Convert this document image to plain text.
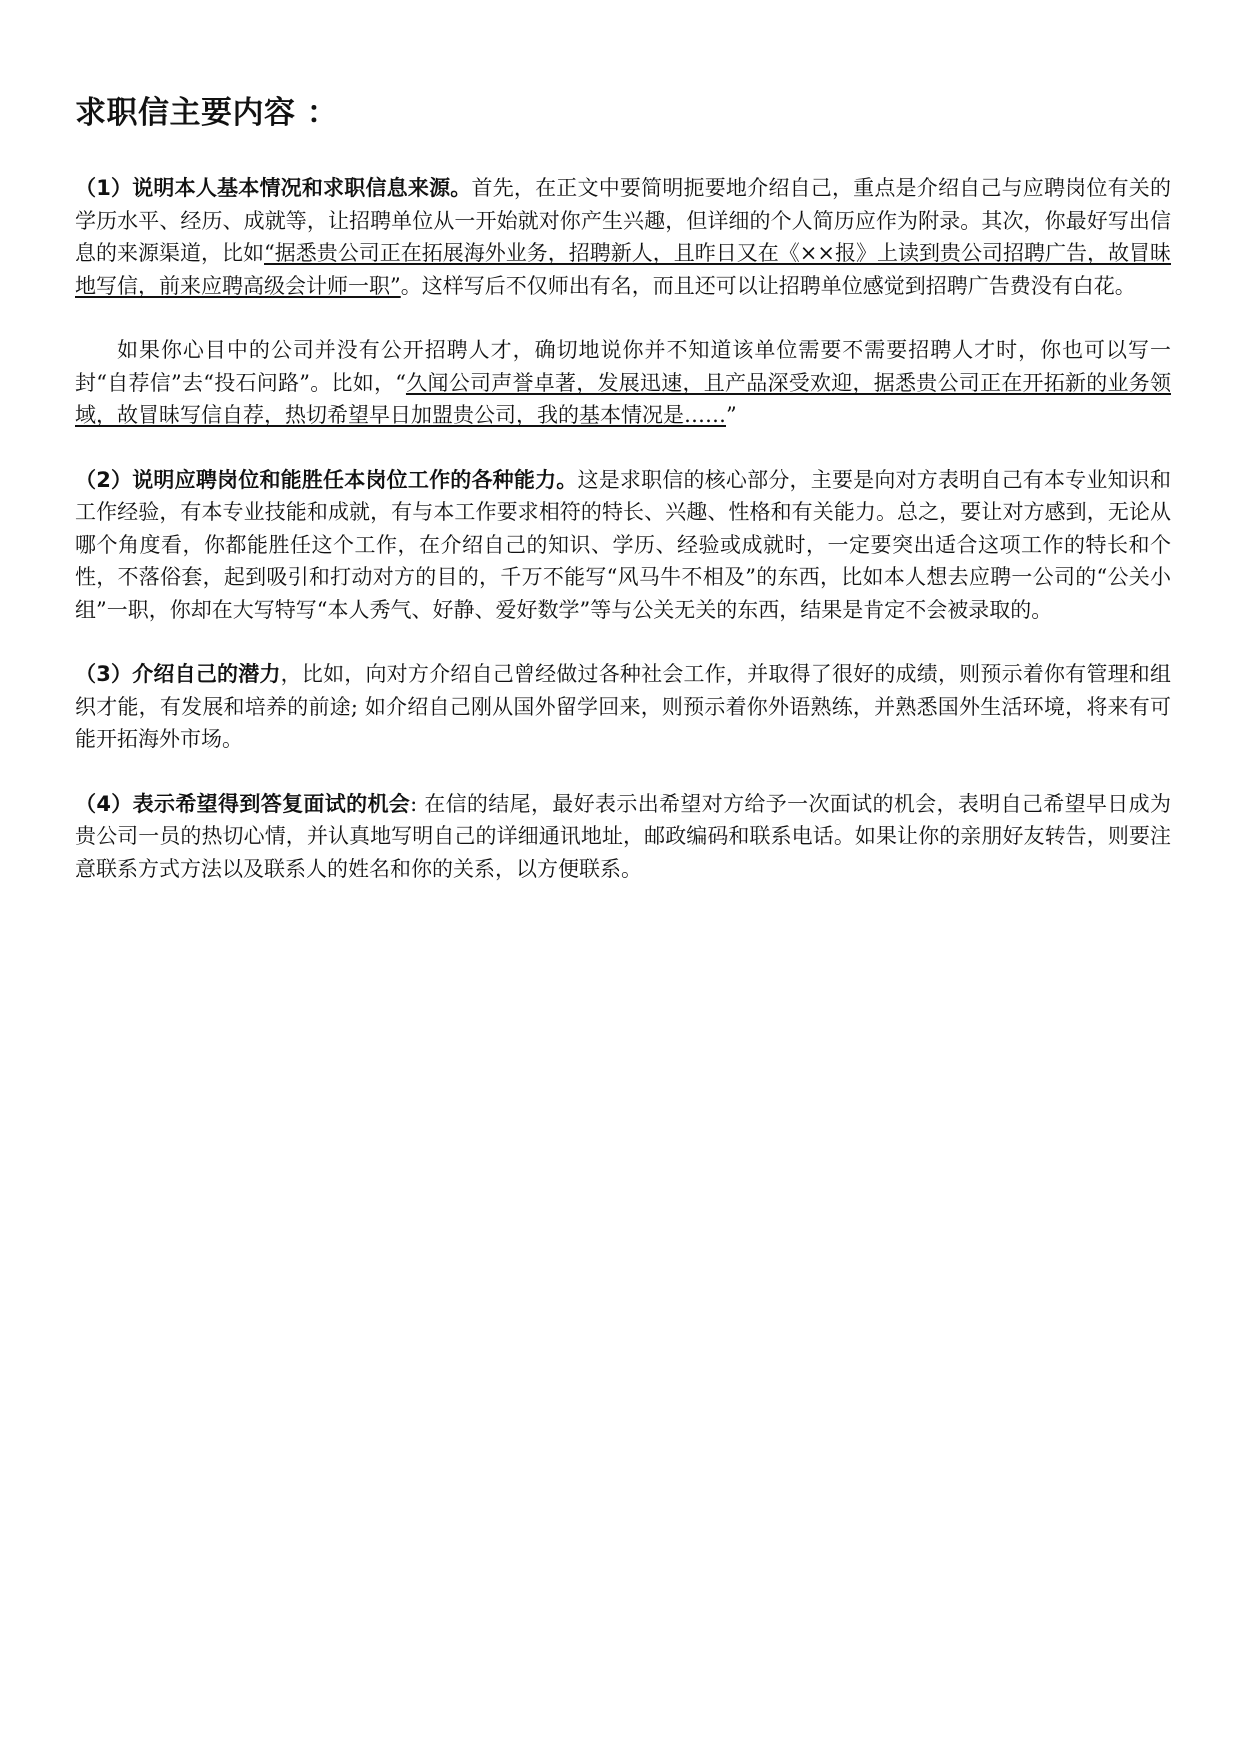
求职信主要内容 ：

（1）说明本人基本情况和求职信息来源。首先，在正文中要简明扼要地介绍自己，重点是介绍自己与应聘岗位有关的学历水平、经历、成就等，让招聘单位从一开始就对你产生兴趣，但详细的个人简历应作为附录。其次，你最好写出信息的来源渠道，比如“据悉贵公司正在拓展海外业务，招聘新人，且昨日又在《××报》上读到贵公司招聘广告，故冒昧地写信，前来应聘高级会计师一职”。这样写后不仅师出有名，而且还可以让招聘单位感觉到招聘广告费没有白花。

如果你心目中的公司并没有公开招聘人才，确切地说你并不知道该单位需要不需要招聘人才时，你也可以写一封“自荐信”去“投石问路”。比如，“久闻公司声誉卓著，发展迅速，且产品深受欢迎，据悉贵公司正在开拓新的业务领域，故冒昧写信自荐，热切希望早日加盟贵公司，我的基本情况是……”

（2）说明应聘岗位和能胜任本岗位工作的各种能力。这是求职信的核心部分，主要是向对方表明自己有本专业知识和工作经验，有本专业技能和成就，有与本工作要求相符的特长、兴趣、性格和有关能力。总之，要让对方感到，无论从哪个角度看，你都能胜任这个工作，在介绍自己的知识、学历、经验或成就时，一定要突出适合这项工作的特长和个性，不落俗套，起到吸引和打动对方的目的，千万不能写“风马牛不相及”的东西，比如本人想去应聘一公司的“公关小组”一职，你却在大写特写“本人秀气、好静、爱好数学”等与公关无关的东西，结果是肯定不会被录取的。

（3）介绍自己的潜力，比如，向对方介绍自己曾经做过各种社会工作，并取得了很好的成绩，则预示着你有管理和组织才能，有发展和培养的前途; 如介绍自己刚从国外留学回来，则预示着你外语熟练，并熟悉国外生活环境，将来有可能开拓海外市场。

（4）表示希望得到答复面试的机会: 在信的结尾，最好表示出希望对方给予一次面试的机会，表明自己希望早日成为贵公司一员的热切心情，并认真地写明自己的详细通讯地址，邮政编码和联系电话。如果让你的亲朋好友转告，则要注意联系方式方法以及联系人的姓名和你的关系，以方便联系。
